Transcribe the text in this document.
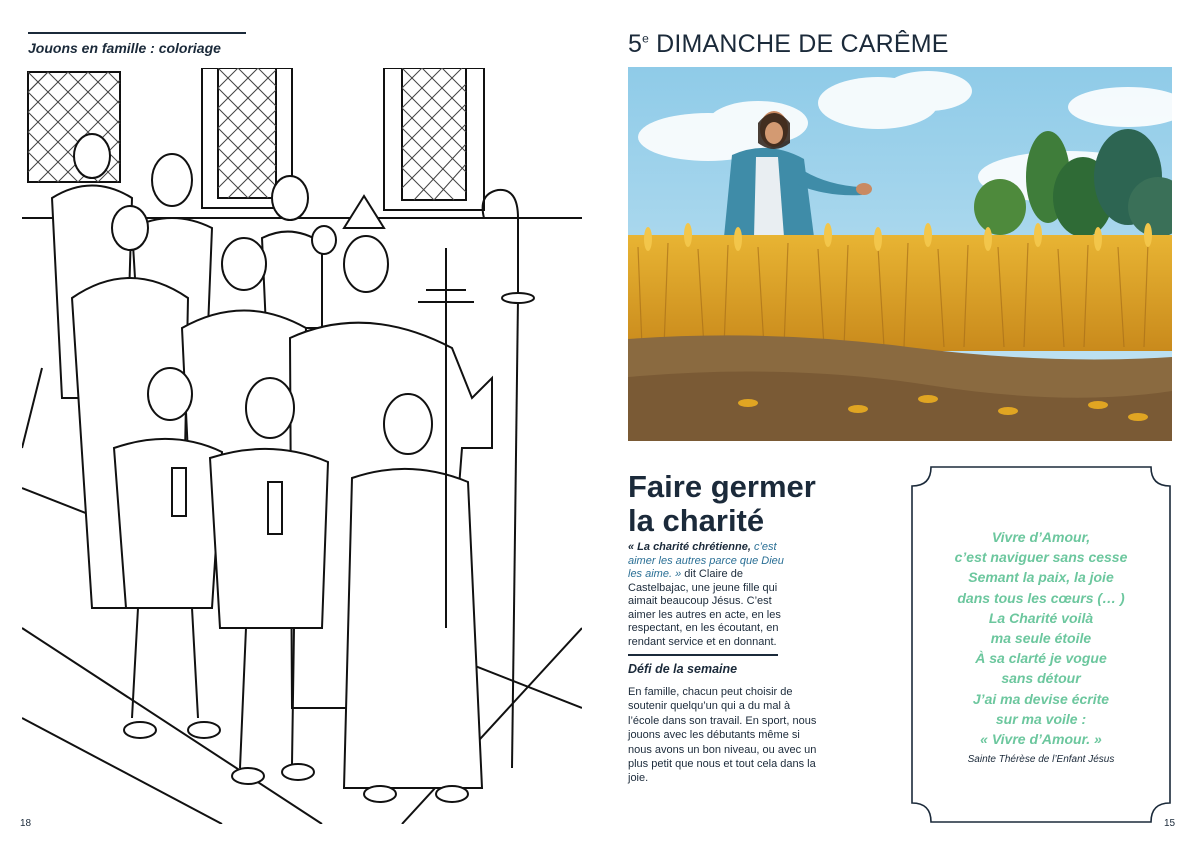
Jouons en famille : coloriage
18
5e DIMANCHE DE CARÊME
Faire germer
la charité
« La charité chrétienne, c’est aimer les autres parce que Dieu les aime. » dit Claire de Castelbajac, une jeune fille qui aimait beaucoup Jésus. C’est aimer les autres en acte, en les respectant, en les écoutant, en rendant service et en donnant.
Défi de la semaine
En famille, chacun peut choisir de soutenir quelqu’un qui a du mal à l’école dans son travail. En sport, nous jouons avec les débutants même si nous avons un bon niveau, ou avec un plus petit que nous et tout cela dans la joie.
Vivre d’Amour,
c’est naviguer sans cesse
Semant la paix, la joie
dans tous les cœurs (… )
La Charité voilà
ma seule étoile
À sa clarté je vogue
sans détour
J’ai ma devise écrite
sur ma voile :
« Vivre d’Amour. »
Sainte Thérèse de l’Enfant Jésus
15
